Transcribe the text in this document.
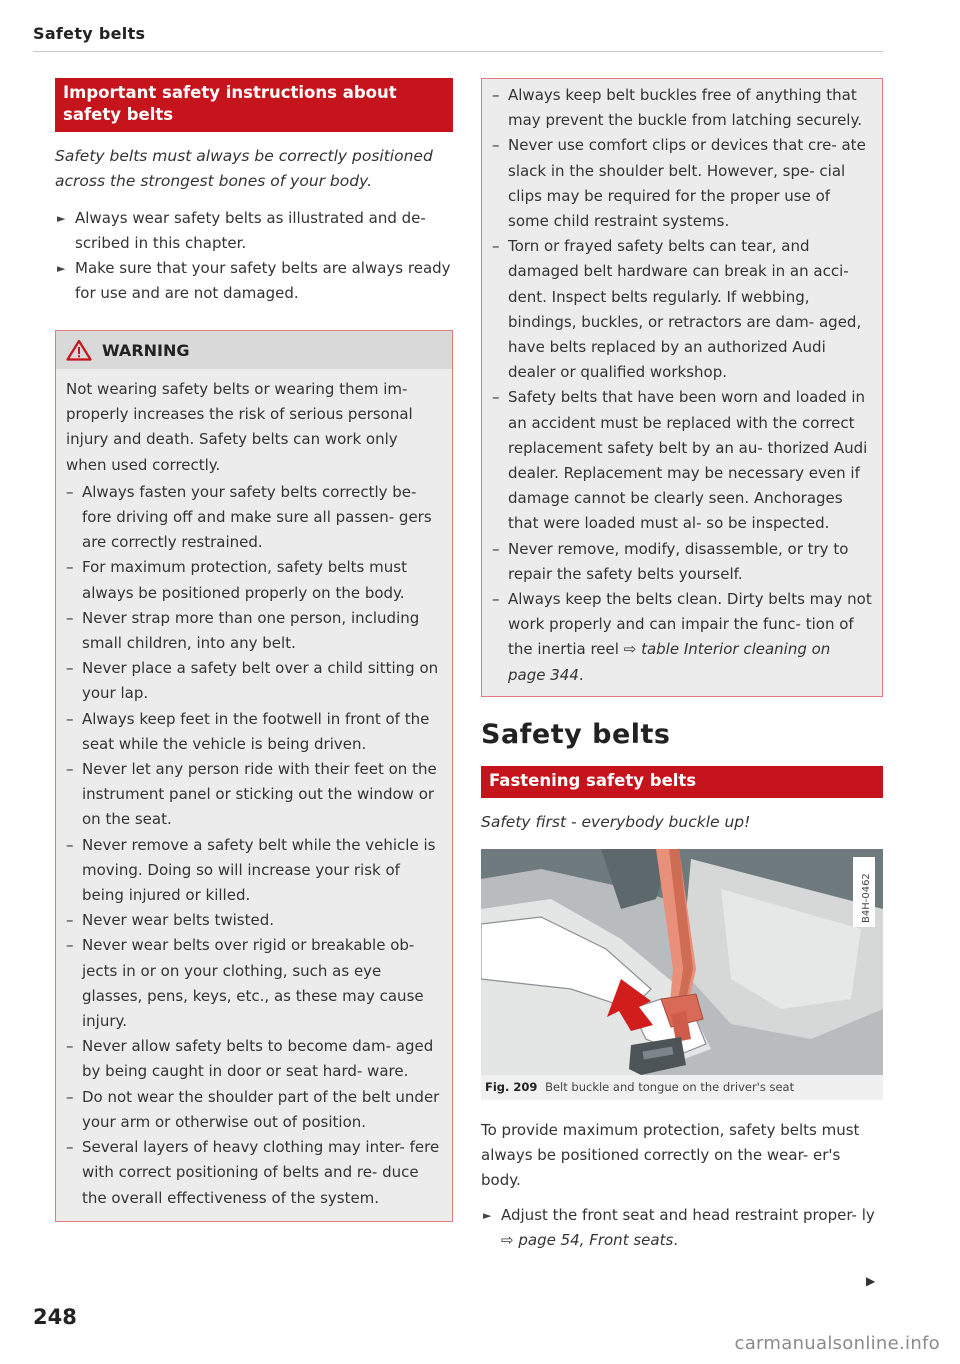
Safety belts
Important safety instructions about safety belts
Safety belts must always be correctly positioned across the strongest bones of your body.
► Always wear safety belts as illustrated and de- scribed in this chapter.
► Make sure that your safety belts are always ready for use and are not damaged.
WARNING

Not wearing safety belts or wearing them im- properly increases the risk of serious personal injury and death. Safety belts can work only when used correctly.

– Always fasten your safety belts correctly be- fore driving off and make sure all passen- gers are correctly restrained.
– For maximum protection, safety belts must always be positioned properly on the body.
– Never strap more than one person, including small children, into any belt.
– Never place a safety belt over a child sitting on your lap.
– Always keep feet in the footwell in front of the seat while the vehicle is being driven.
– Never let any person ride with their feet on the instrument panel or sticking out the window or on the seat.
– Never remove a safety belt while the vehicle is moving. Doing so will increase your risk of being injured or killed.
– Never wear belts twisted.
– Never wear belts over rigid or breakable ob- jects in or on your clothing, such as eye glasses, pens, keys, etc., as these may cause injury.
– Never allow safety belts to become dam- aged by being caught in door or seat hard- ware.
– Do not wear the shoulder part of the belt under your arm or otherwise out of position.
– Several layers of heavy clothing may inter- fere with correct positioning of belts and re- duce the overall effectiveness of the system.
– Always keep belt buckles free of anything that may prevent the buckle from latching securely.
– Never use comfort clips or devices that cre- ate slack in the shoulder belt. However, spe- cial clips may be required for the proper use of some child restraint systems.
– Torn or frayed safety belts can tear, and damaged belt hardware can break in an acci- dent. Inspect belts regularly. If webbing, bindings, buckles, or retractors are dam- aged, have belts replaced by an authorized Audi dealer or qualified workshop.
– Safety belts that have been worn and loaded in an accident must be replaced with the correct replacement safety belt by an au- thorized Audi dealer. Replacement may be necessary even if damage cannot be clearly seen. Anchorages that were loaded must al- so be inspected.
– Never remove, modify, disassemble, or try to repair the safety belts yourself.
– Always keep the belts clean. Dirty belts may not work properly and can impair the func- tion of the inertia reel ⇨ table Interior cleaning on page 344.
Safety belts
Fastening safety belts
Safety first - everybody buckle up!
B4H-0462
Fig. 209 Belt buckle and tongue on the driver's seat
To provide maximum protection, safety belts must always be positioned correctly on the wear- er's body.
► Adjust the front seat and head restraint proper- ly ⇨ page 54, Front seats.
▶
248
carmanualsonline.info
